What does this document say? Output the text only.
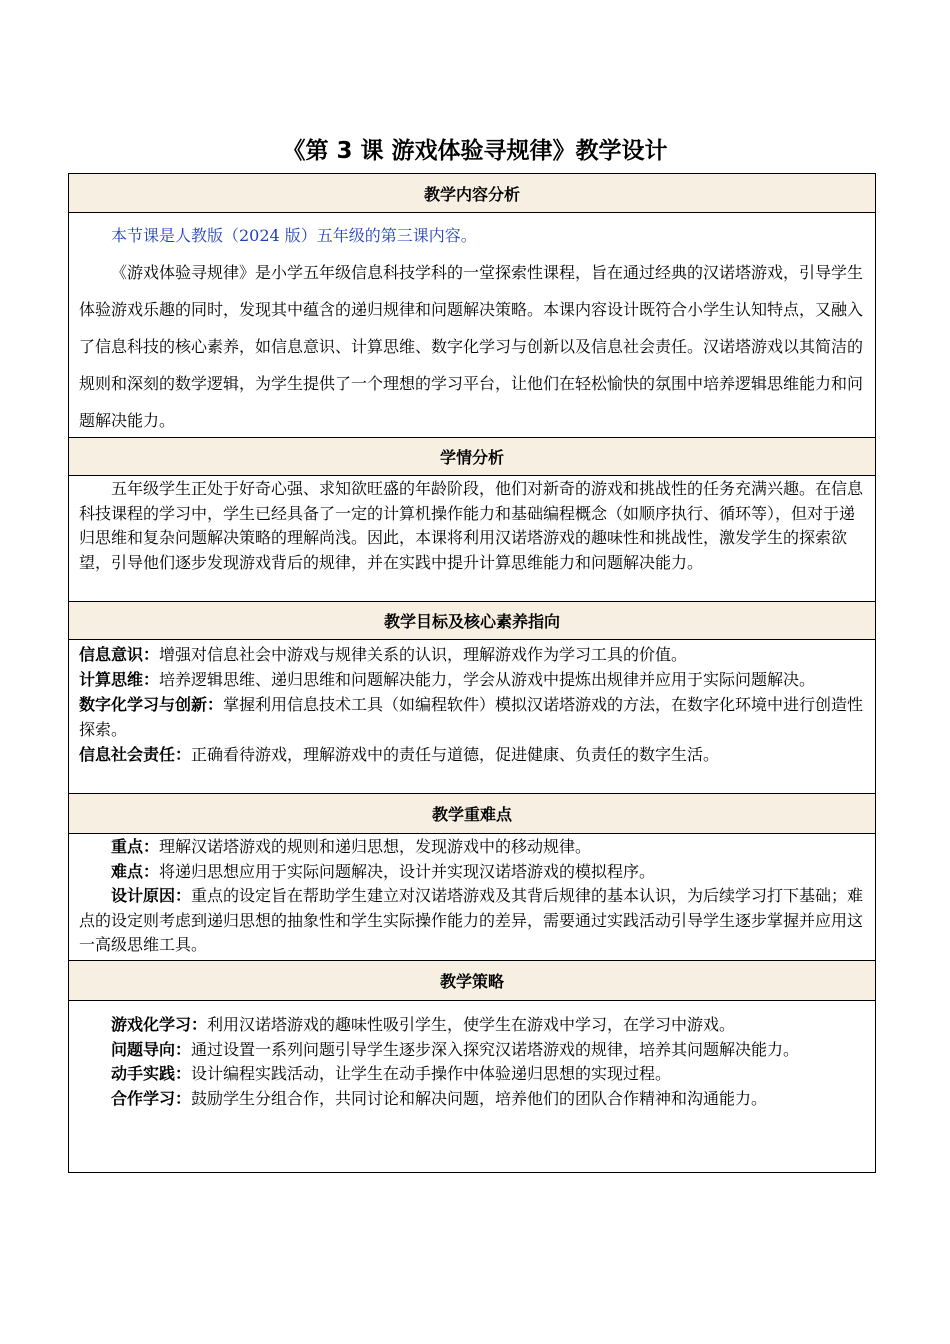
《第 3 课 游戏体验寻规律》教学设计
教学内容分析

本节课是人教版（2024 版）五年级的第三课内容。

《游戏体验寻规律》是小学五年级信息科技学科的一堂探索性课程，旨在通过经典的汉诺塔游戏，引导学生体验游戏乐趣的同时，发现其中蕴含的递归规律和问题解决策略。本课内容设计既符合小学生认知特点，又融入了信息科技的核心素养，如信息意识、计算思维、数字化学习与创新以及信息社会责任。汉诺塔游戏以其简洁的规则和深刻的数学逻辑，为学生提供了一个理想的学习平台，让他们在轻松愉快的氛围中培养逻辑思维能力和问题解决能力。

学情分析

五年级学生正处于好奇心强、求知欲旺盛的年龄阶段，他们对新奇的游戏和挑战性的任务充满兴趣。在信息科技课程的学习中，学生已经具备了一定的计算机操作能力和基础编程概念（如顺序执行、循环等），但对于递归思维和复杂问题解决策略的理解尚浅。因此，本课将利用汉诺塔游戏的趣味性和挑战性，激发学生的探索欲望，引导他们逐步发现游戏背后的规律，并在实践中提升计算思维能力和问题解决能力。

教学目标及核心素养指向

信息意识：增强对信息社会中游戏与规律关系的认识，理解游戏作为学习工具的价值。

计算思维：培养逻辑思维、递归思维和问题解决能力，学会从游戏中提炼出规律并应用于实际问题解决。

数字化学习与创新：掌握利用信息技术工具（如编程软件）模拟汉诺塔游戏的方法，在数字化环境中进行创造性探索。

信息社会责任：正确看待游戏，理解游戏中的责任与道德，促进健康、负责任的数字生活。

教学重难点

重点：理解汉诺塔游戏的规则和递归思想，发现游戏中的移动规律。

难点：将递归思想应用于实际问题解决，设计并实现汉诺塔游戏的模拟程序。

设计原因：重点的设定旨在帮助学生建立对汉诺塔游戏及其背后规律的基本认识，为后续学习打下基础；难点的设定则考虑到递归思想的抽象性和学生实际操作能力的差异，需要通过实践活动引导学生逐步掌握并应用这一高级思维工具。

教学策略

游戏化学习：利用汉诺塔游戏的趣味性吸引学生，使学生在游戏中学习，在学习中游戏。

问题导向：通过设置一系列问题引导学生逐步深入探究汉诺塔游戏的规律，培养其问题解决能力。

动手实践：设计编程实践活动，让学生在动手操作中体验递归思想的实现过程。

合作学习：鼓励学生分组合作，共同讨论和解决问题，培养他们的团队合作精神和沟通能力。
